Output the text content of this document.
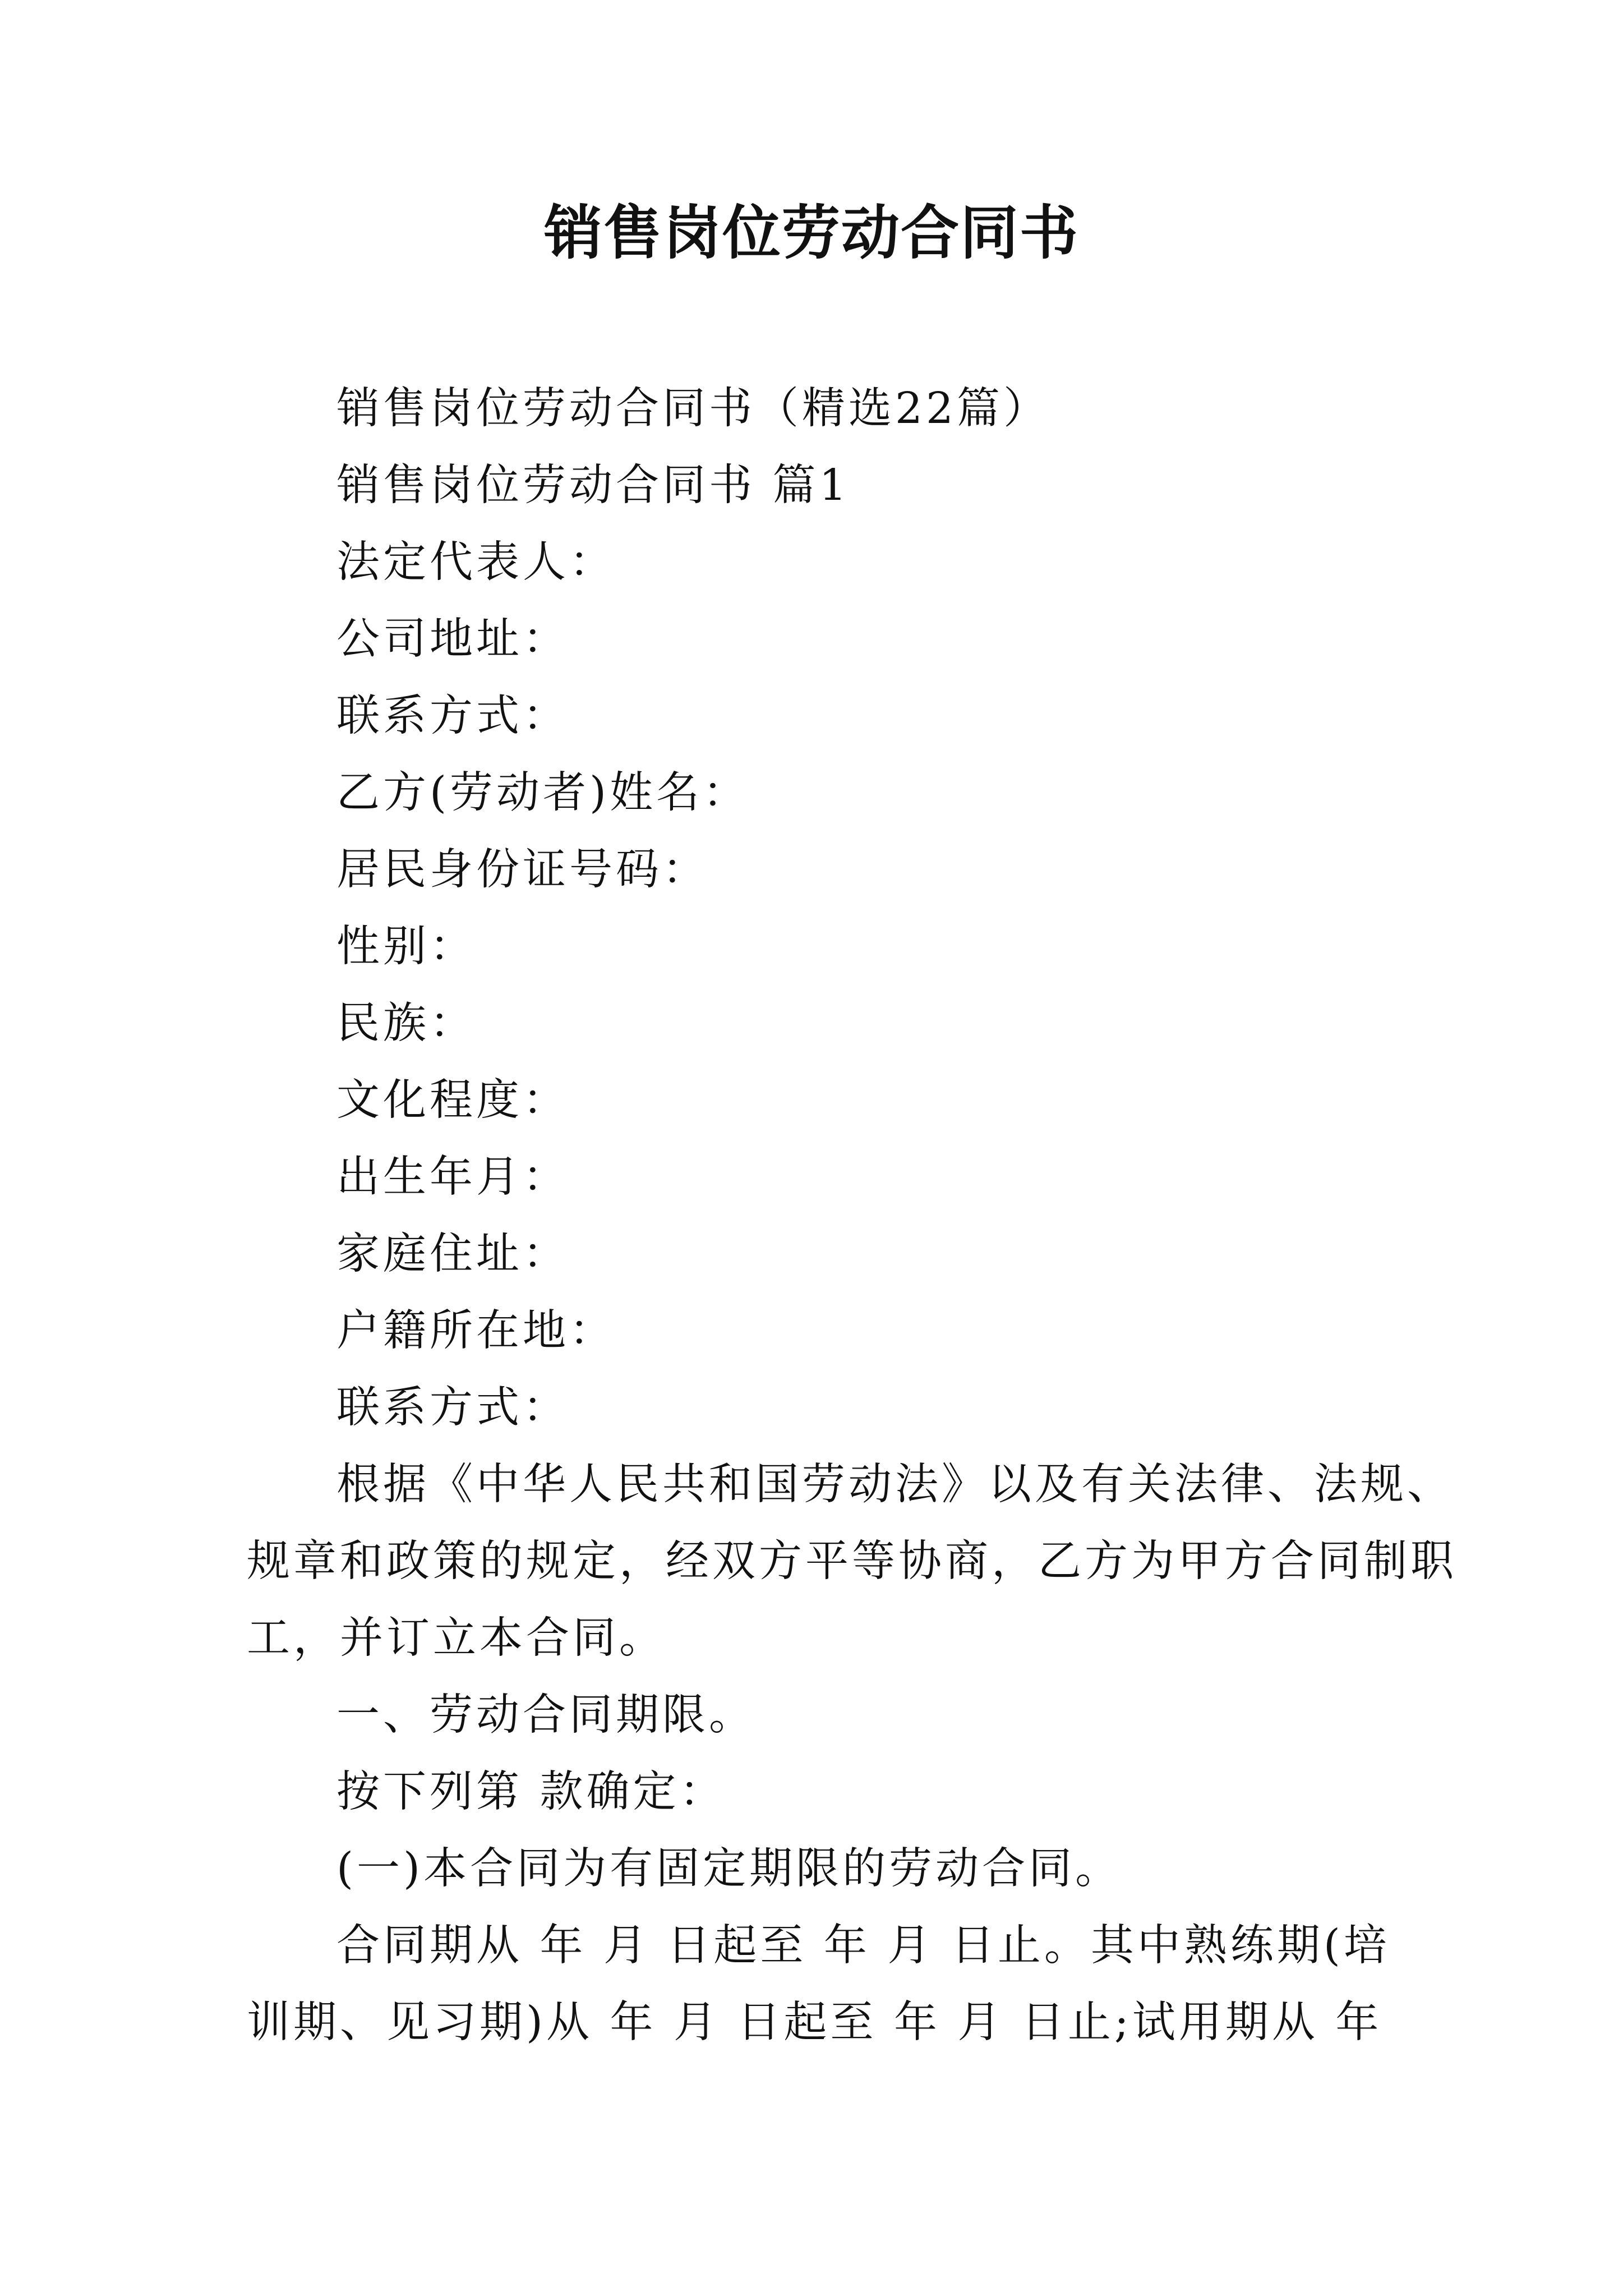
销售岗位劳动合同书
销售岗位劳动合同书（精选22篇）
销售岗位劳动合同书 篇1
法定代表人：
公司地址：
联系方式：
乙方(劳动者)姓名：
居民身份证号码：
性别：
民族：
文化程度：
出生年月：
家庭住址：
户籍所在地：
联系方式：
根据《中华人民共和国劳动法》以及有关法律、法规、
规章和政策的规定，经双方平等协商，乙方为甲方合同制职
工，并订立本合同。
一、劳动合同期限。
按下列第 款确定：
(一)本合同为有固定期限的劳动合同。
合同期从 年 月 日起至 年 月 日止。其中熟练期(培
训期、见习期)从 年 月 日起至 年 月 日止;试用期从 年
